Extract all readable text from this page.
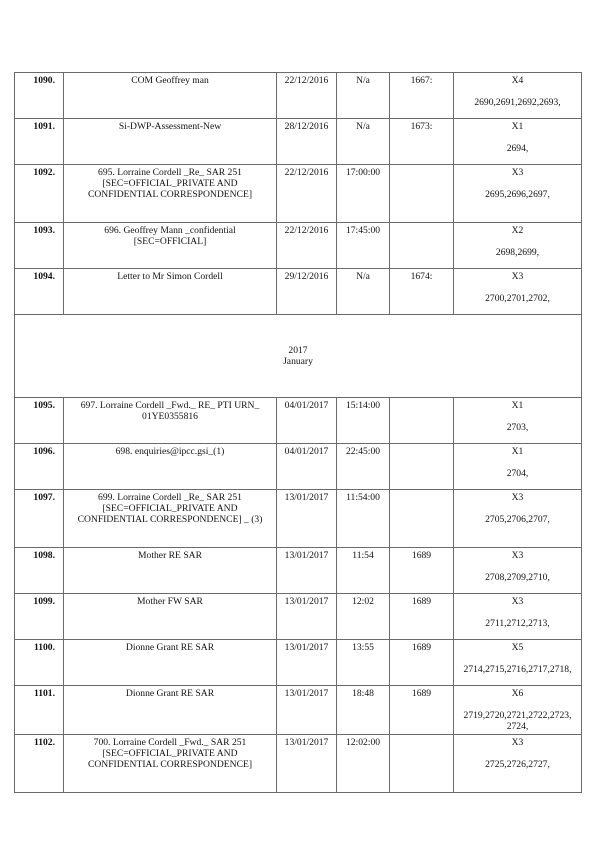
1090.	COM Geoffrey man	22/12/2016	N/a	1667:	X4
2690,2691,2692,2693,

1091.	Si-DWP-Assessment-New	28/12/2016	N/a	1673:	X1
2694,

1092.	695. Lorraine Cordell _Re_ SAR 251
[SEC=OFFICIAL_PRIVATE AND
CONFIDENTIAL CORRESPONDENCE]	22/12/2016	17:00:00		X3
2695,2696,2697,

1093.	696. Geoffrey Mann _confidential
[SEC=OFFICIAL]	22/12/2016	17:45:00		X2
2698,2699,

1094.	Letter to Mr Simon Cordell	29/12/2016	N/a	1674:	X3
2700,2701,2702,

2017
January					

1095.	697. Lorraine Cordell _Fwd._ RE_ PTI URN_
01YE0355816	04/01/2017	15:14:00		X1
2703,

1096.	698. enquiries@ipcc.gsi_(1)	04/01/2017	22:45:00		X1
2704,

1097.	699. Lorraine Cordell _Re_ SAR 251
[SEC=OFFICIAL_PRIVATE AND
CONFIDENTIAL CORRESPONDENCE] _ (3)	13/01/2017	11:54:00		X3
2705,2706,2707,

1098.	Mother RE SAR	13/01/2017	11:54	1689	X3
2708,2709,2710,

1099.	Mother FW SAR	13/01/2017	12:02	1689	X3
2711,2712,2713,

1100.	Dionne Grant RE SAR	13/01/2017	13:55	1689	X5
2714,2715,2716,2717,2718,

1101.	Dionne Grant RE SAR	13/01/2017	18:48	1689	X6
2719,2720,2721,2722,2723,
2724,

1102.	700. Lorraine Cordell _Fwd._ SAR 251
[SEC=OFFICIAL_PRIVATE AND
CONFIDENTIAL CORRESPONDENCE]	13/01/2017	12:02:00		X3
2725,2726,2727,
